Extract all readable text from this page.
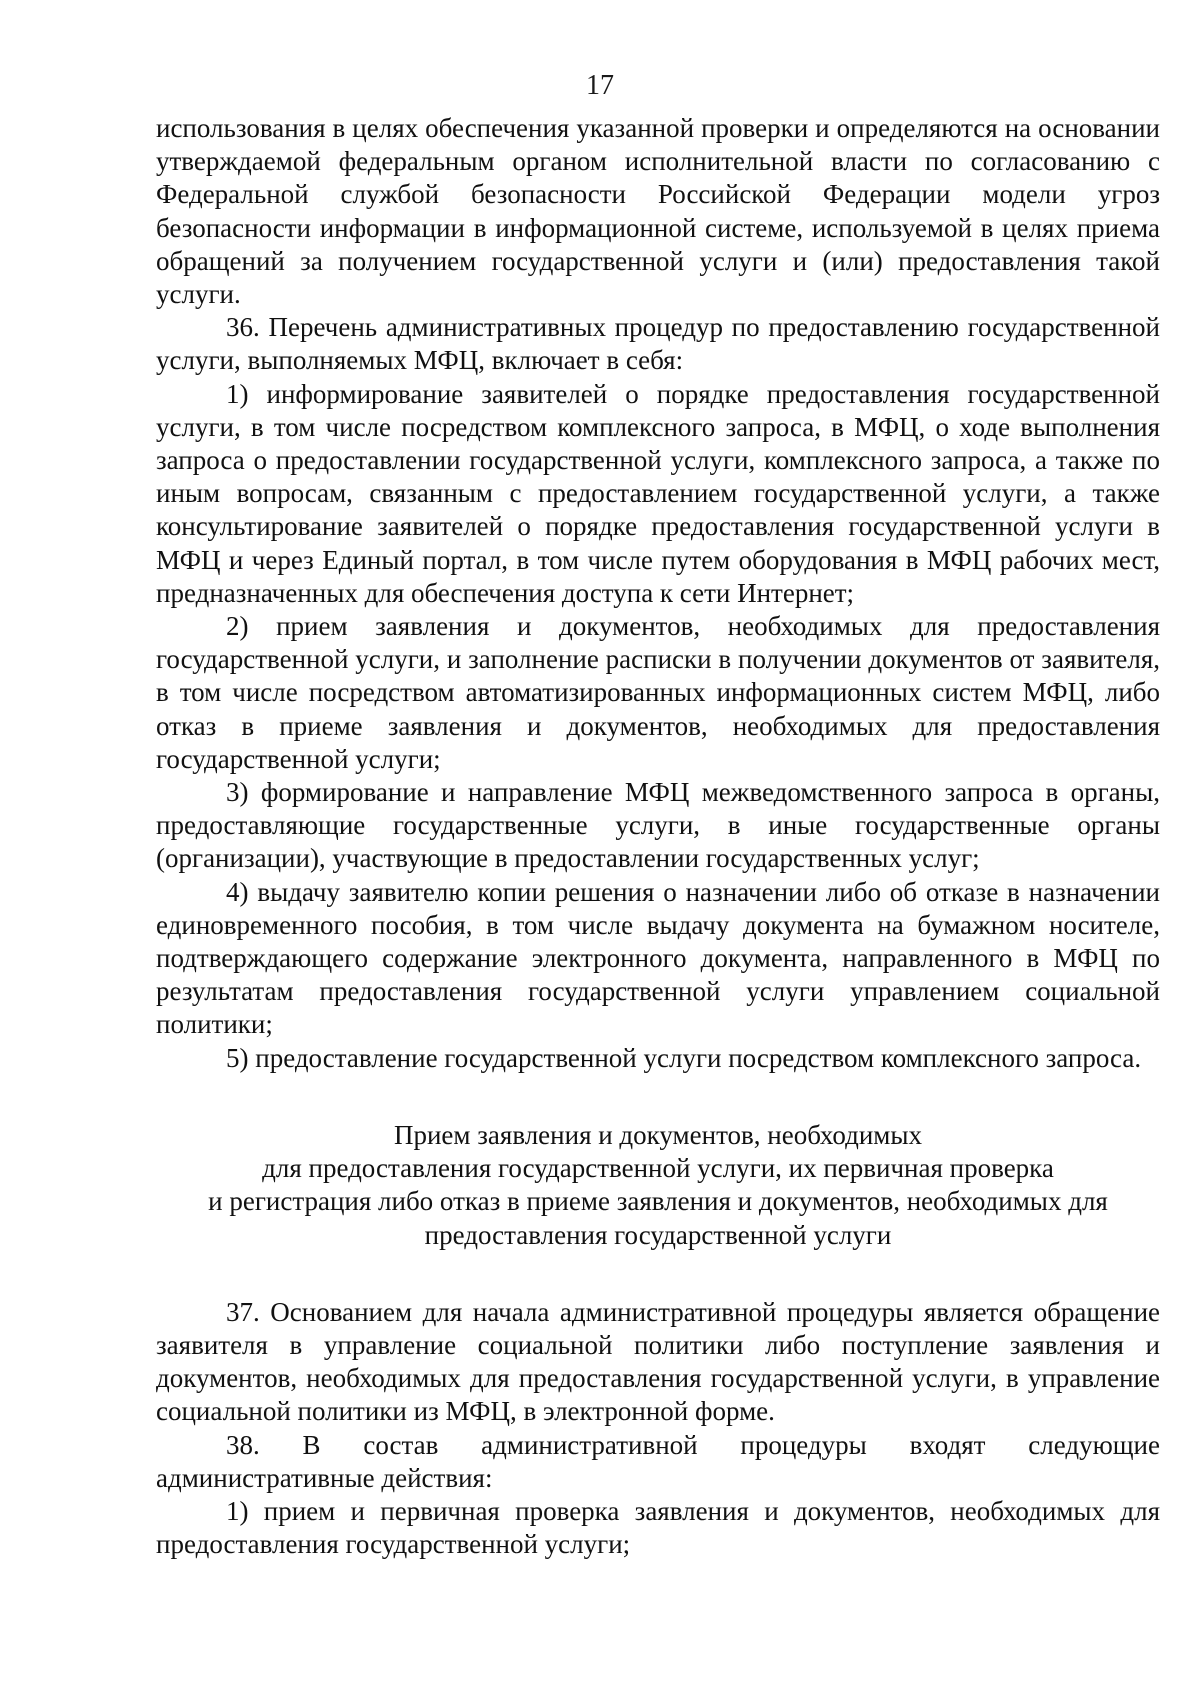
17

использования в целях обеспечения указанной проверки и определяются на основании утверждаемой федеральным органом исполнительной власти по согласованию с Федеральной службой безопасности Российской Федерации модели угроз безопасности информации в информационной системе, используемой в целях приема обращений за получением государственной услуги и (или) предоставления такой услуги.

36. Перечень административных процедур по предоставлению государственной услуги, выполняемых МФЦ, включает в себя:

1) информирование заявителей о порядке предоставления государственной услуги, в том числе посредством комплексного запроса, в МФЦ, о ходе выполнения запроса о предоставлении государственной услуги, комплексного запроса, а также по иным вопросам, связанным с предоставлением государственной услуги, а также консультирование заявителей о порядке предоставления государственной услуги в МФЦ и через Единый портал, в том числе путем оборудования в МФЦ рабочих мест, предназначенных для обеспечения доступа к сети Интернет;

2) прием заявления и документов, необходимых для предоставления государственной услуги, и заполнение расписки в получении документов от заявителя, в том числе посредством автоматизированных информационных систем МФЦ, либо отказ в приеме заявления и документов, необходимых для предоставления государственной услуги;

3) формирование и направление МФЦ межведомственного запроса в органы, предоставляющие государственные услуги, в иные государственные органы (организации), участвующие в предоставлении государственных услуг;

4) выдачу заявителю копии решения о назначении либо об отказе в назначении единовременного пособия, в том числе выдачу документа на бумажном носителе, подтверждающего содержание электронного документа, направленного в МФЦ по результатам предоставления государственной услуги управлением социальной политики;

5) предоставление государственной услуги посредством комплексного запроса.

Прием заявления и документов, необходимых
для предоставления государственной услуги, их первичная проверка
и регистрация либо отказ в приеме заявления и документов, необходимых для
предоставления государственной услуги

37. Основанием для начала административной процедуры является обращение заявителя в управление социальной политики либо поступление заявления и документов, необходимых для предоставления государственной услуги, в управление социальной политики из МФЦ, в электронной форме.

38. В состав административной процедуры входят следующие административные действия:

1) прием и первичная проверка заявления и документов, необходимых для предоставления государственной услуги;
